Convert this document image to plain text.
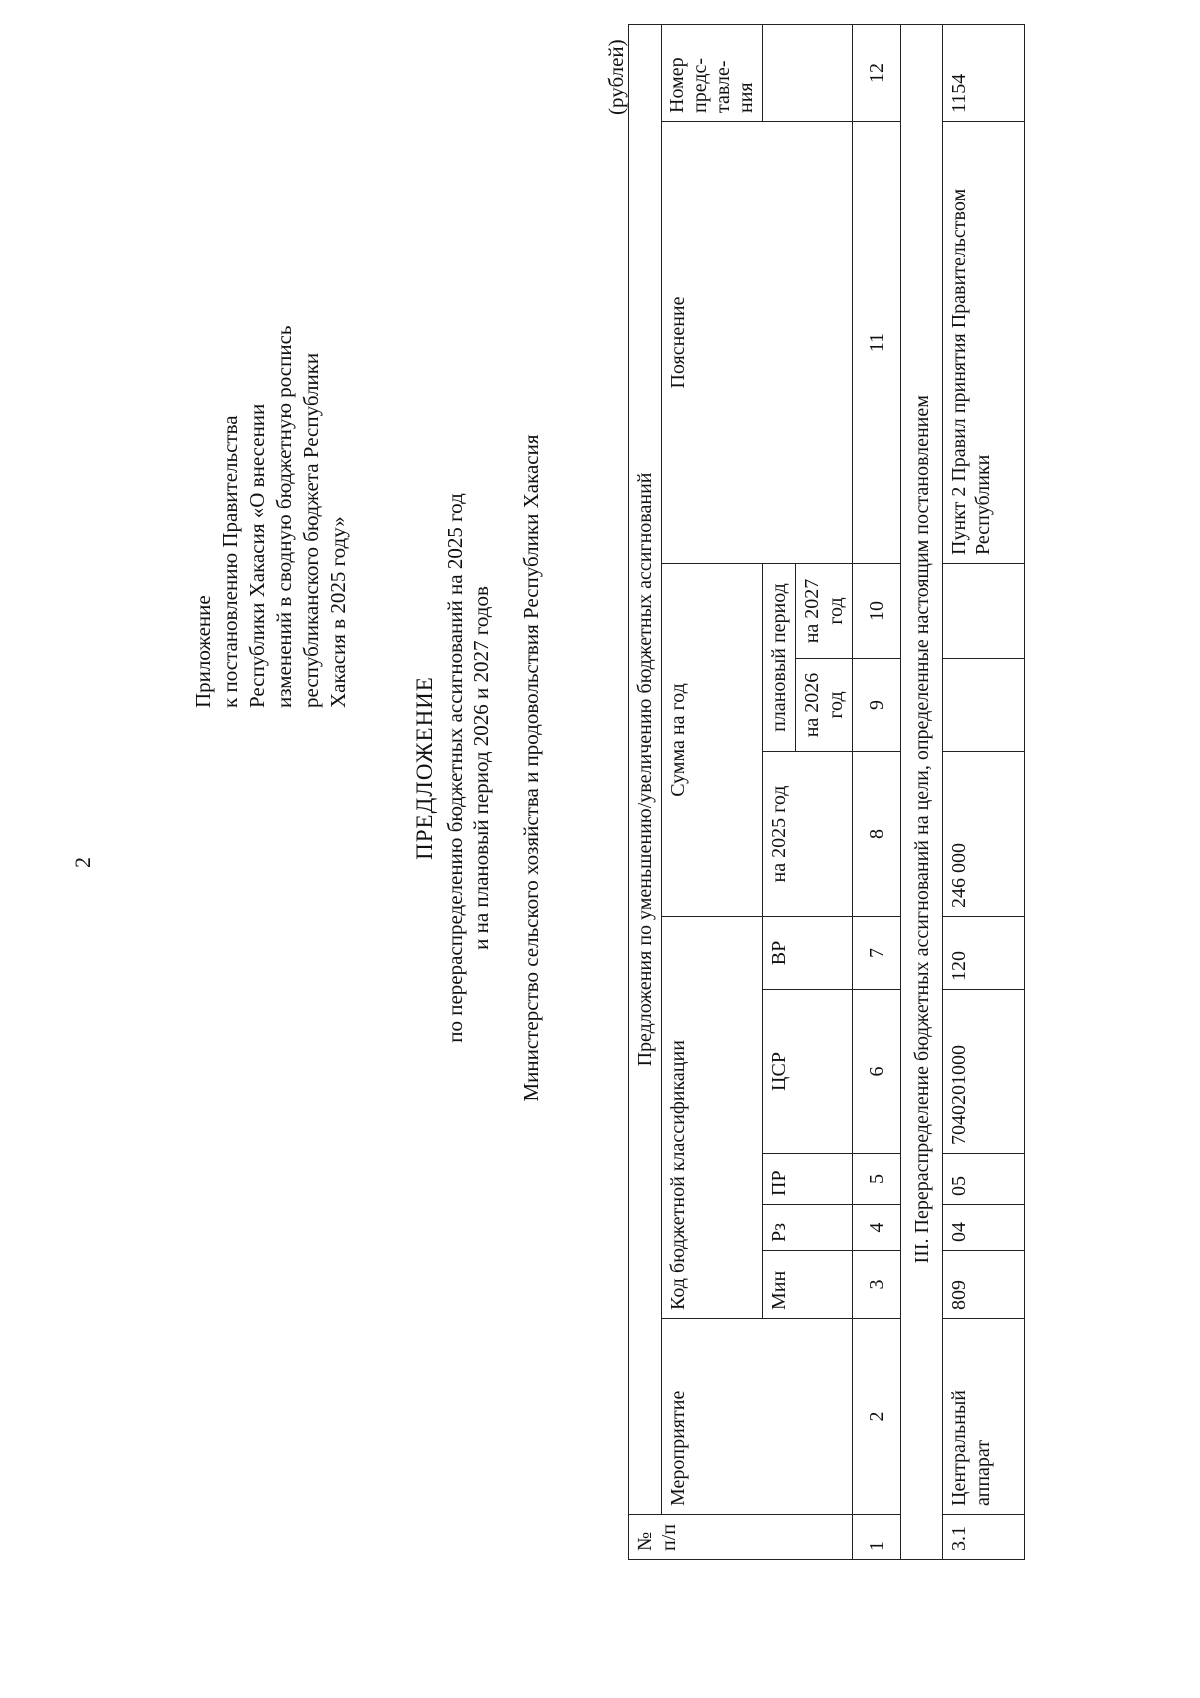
2
Приложение к постановлению Правительства Республики Хакасия «О внесении изменений в сводную бюджетную роспись республиканского бюджета Республики Хакасия в 2025 году»
ПРЕДЛОЖЕНИЕ по перераспределению бюджетных ассигнований на 2025 год и на плановый период 2026 и 2027 годов Министерство сельского хозяйства и продовольствия Республики Хакасия
(рублей)
№ п/п	Предложения по уменьшению/увеличению бюджетных ассигнований										
	Мероприятие	Код бюджетной классификации					Сумма на год			Пояснение	Номер предс-тавле-ния
		Мин	Рз	ПР	ЦСР	ВР	на 2025 год	плановый период			
								на 2026 год	на 2027 год		
1	2	3	4	5	6	7	8	9	10	11	12
III. Перераспределение бюджетных ассигнований на цели, определенные настоящим постановлением											
3.1	Центральный аппарат	809	04	05	7040201000	120	246 000			Пункт 2 Правил принятия Правительством Республики	1154
